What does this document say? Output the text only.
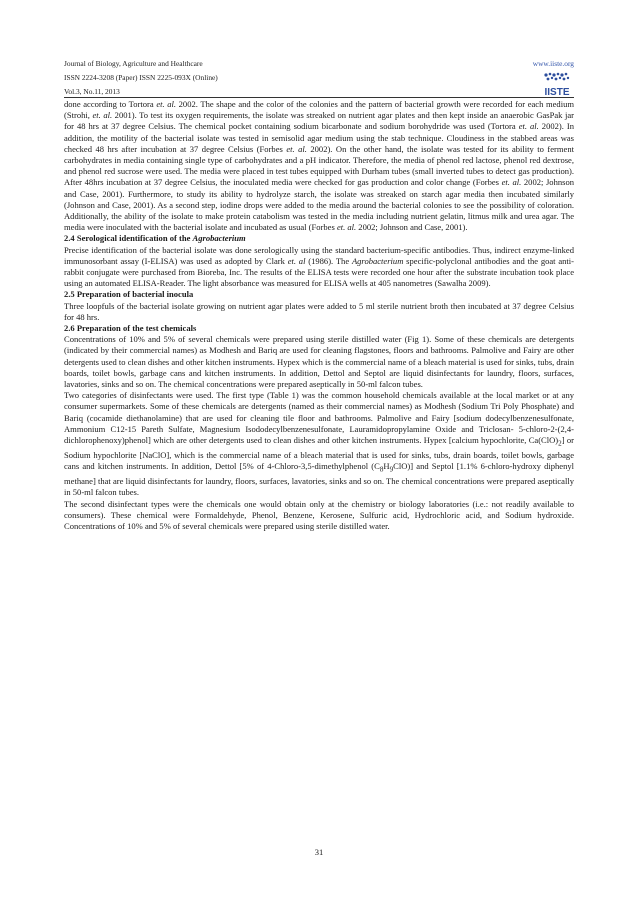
Journal of Biology, Agriculture and Healthcare
ISSN 2224-3208 (Paper) ISSN 2225-093X (Online)
Vol.3, No.11, 2013
www.iiste.org
IISTE

done according to Tortora et. al. 2002. The shape and the color of the colonies and the pattern of bacterial growth were recorded for each medium (Strohi, et. al. 2001). To test its oxygen requirements, the isolate was streaked on nutrient agar plates and then kept inside an anaerobic GasPak jar for 48 hrs at 37 degree Celsius. The chemical pocket containing sodium bicarbonate and sodium borohydride was used (Tortora et. al. 2002). In addition, the motility of the bacterial isolate was tested in semisolid agar medium using the stab technique. Cloudiness in the stabbed areas was checked 48 hrs after incubation at 37 degree Celsius (Forbes et. al. 2002). On the other hand, the isolate was tested for its ability to ferment carbohydrates in media containing single type of carbohydrates and a pH indicator. Therefore, the media of phenol red lactose, phenol red dextrose, and phenol red sucrose were used. The media were placed in test tubes equipped with Durham tubes (small inverted tubes to detect gas production). After 48hrs incubation at 37 degree Celsius, the inoculated media were checked for gas production and color change (Forbes et. al. 2002; Johnson and Case, 2001). Furthermore, to study its ability to hydrolyze starch, the isolate was streaked on starch agar media then incubated similarly (Johnson and Case, 2001). As a second step, iodine drops were added to the media around the bacterial colonies to see the possibility of coloration. Additionally, the ability of the isolate to make protein catabolism was tested in the media including nutrient gelatin, litmus milk and urea agar. The media were inoculated with the bacterial isolate and incubated as usual (Forbes et. al. 2002; Johnson and Case, 2001).

2.4 Serological identification of the Agrobacterium

Precise identification of the bacterial isolate was done serologically using the standard bacterium-specific antibodies. Thus, indirect enzyme-linked immunosorbant assay (I-ELISA) was used as adopted by Clark et. al (1986). The Agrobacterium specific-polyclonal antibodies and the goat anti-rabbit conjugate were purchased from Bioreba, Inc. The results of the ELISA tests were recorded one hour after the substrate incubation took place using an automated ELISA-Reader. The light absorbance was measured for ELISA wells at 405 nanometres (Sawalha 2009).

2.5 Preparation of bacterial inocula

Three loopfuls of the bacterial isolate growing on nutrient agar plates were added to 5 ml sterile nutrient broth then incubated at 37 degree Celsius for 48 hrs.

2.6 Preparation of the test chemicals

Concentrations of 10% and 5% of several chemicals were prepared using sterile distilled water (Fig 1). Some of these chemicals are detergents (indicated by their commercial names) as Modhesh and Bariq are used for cleaning flagstones, floors and bathrooms. Palmolive and Fairy are other detergents used to clean dishes and other kitchen instruments. Hypex which is the commercial name of a bleach material is used for sinks, tubs, drain boards, toilet bowls, garbage cans and kitchen instruments. In addition, Dettol and Septol are liquid disinfectants for laundry, floors, surfaces, lavatories, sinks and so on. The chemical concentrations were prepared aseptically in 50-ml falcon tubes.

Two categories of disinfectants were used. The first type (Table 1) was the common household chemicals available at the local market or at any consumer supermarkets. Some of these chemicals are detergents (named as their commercial names) as Modhesh (Sodium Tri Poly Phosphate) and Bariq (cocamide diethanolamine) that are used for cleaning tile floor and bathrooms. Palmolive and Fairy [sodium dodecylbenzenesulfonate, Ammonium C12-15 Pareth Sulfate, Magnesium Isododecylbenzenesulfonate, Lauramidopropylamine Oxide and Triclosan- 5-chloro-2-(2,4-dichlorophenoxy)phenol] which are other detergents used to clean dishes and other kitchen instruments. Hypex [calcium hypochlorite, $Ca(ClO)_2$] or Sodium hypochlorite [NaClO], which is the commercial name of a bleach material that is used for sinks, tubs, drain boards, toilet bowls, garbage cans and kitchen instruments. In addition, Dettol [5% of 4-Chloro-3,5-dimethylphenol $(C_8H_9ClO)$] and Septol [1.1% 6-chloro-hydroxy diphenyl methane] that are liquid disinfectants for laundry, floors, surfaces, lavatories, sinks and so on. The chemical concentrations were prepared aseptically in 50-ml falcon tubes.

The second disinfectant types were the chemicals one would obtain only at the chemistry or biology laboratories (i.e.: not readily available to consumers). These chemical were Formaldehyde, Phenol, Benzene, Kerosene, Sulfuric acid, Hydrochloric acid, and Sodium hydroxide. Concentrations of 10% and 5% of several chemicals were prepared using sterile distilled water.

31
